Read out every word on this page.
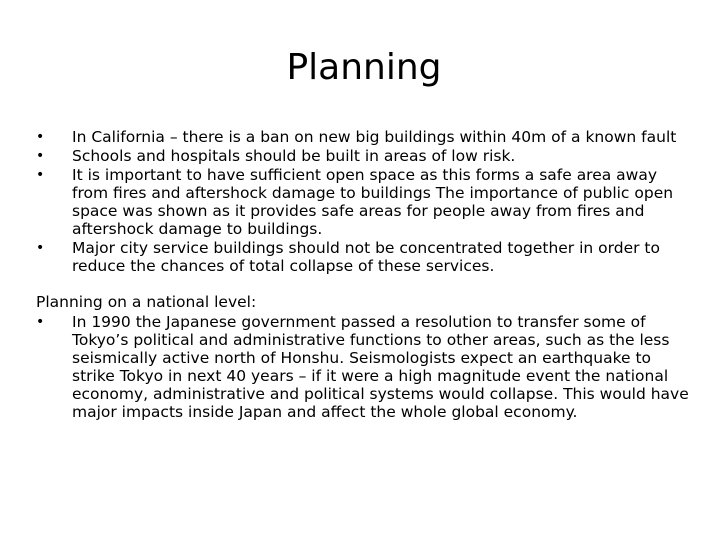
Planning
•	In California – there is a ban on new big buildings within 40m of a known fault
•	Schools and hospitals should be built in areas of low risk.
•	It is important to have sufficient open space as this forms a safe area away from fires and aftershock damage to buildings The importance of public open space was shown as it provides safe areas for people away from fires and aftershock damage to buildings.
•	Major city service buildings should not be concentrated together in order to reduce the chances of total collapse of these services.
Planning on a national level:
•	In 1990 the Japanese government passed a resolution to transfer some of Tokyo’s political and administrative functions to other areas, such as the less seismically active north of Honshu. Seismologists expect an earthquake to strike Tokyo in next 40 years – if it were a high magnitude event the national economy, administrative and political systems would collapse. This would have major impacts inside Japan and affect the whole global economy.
